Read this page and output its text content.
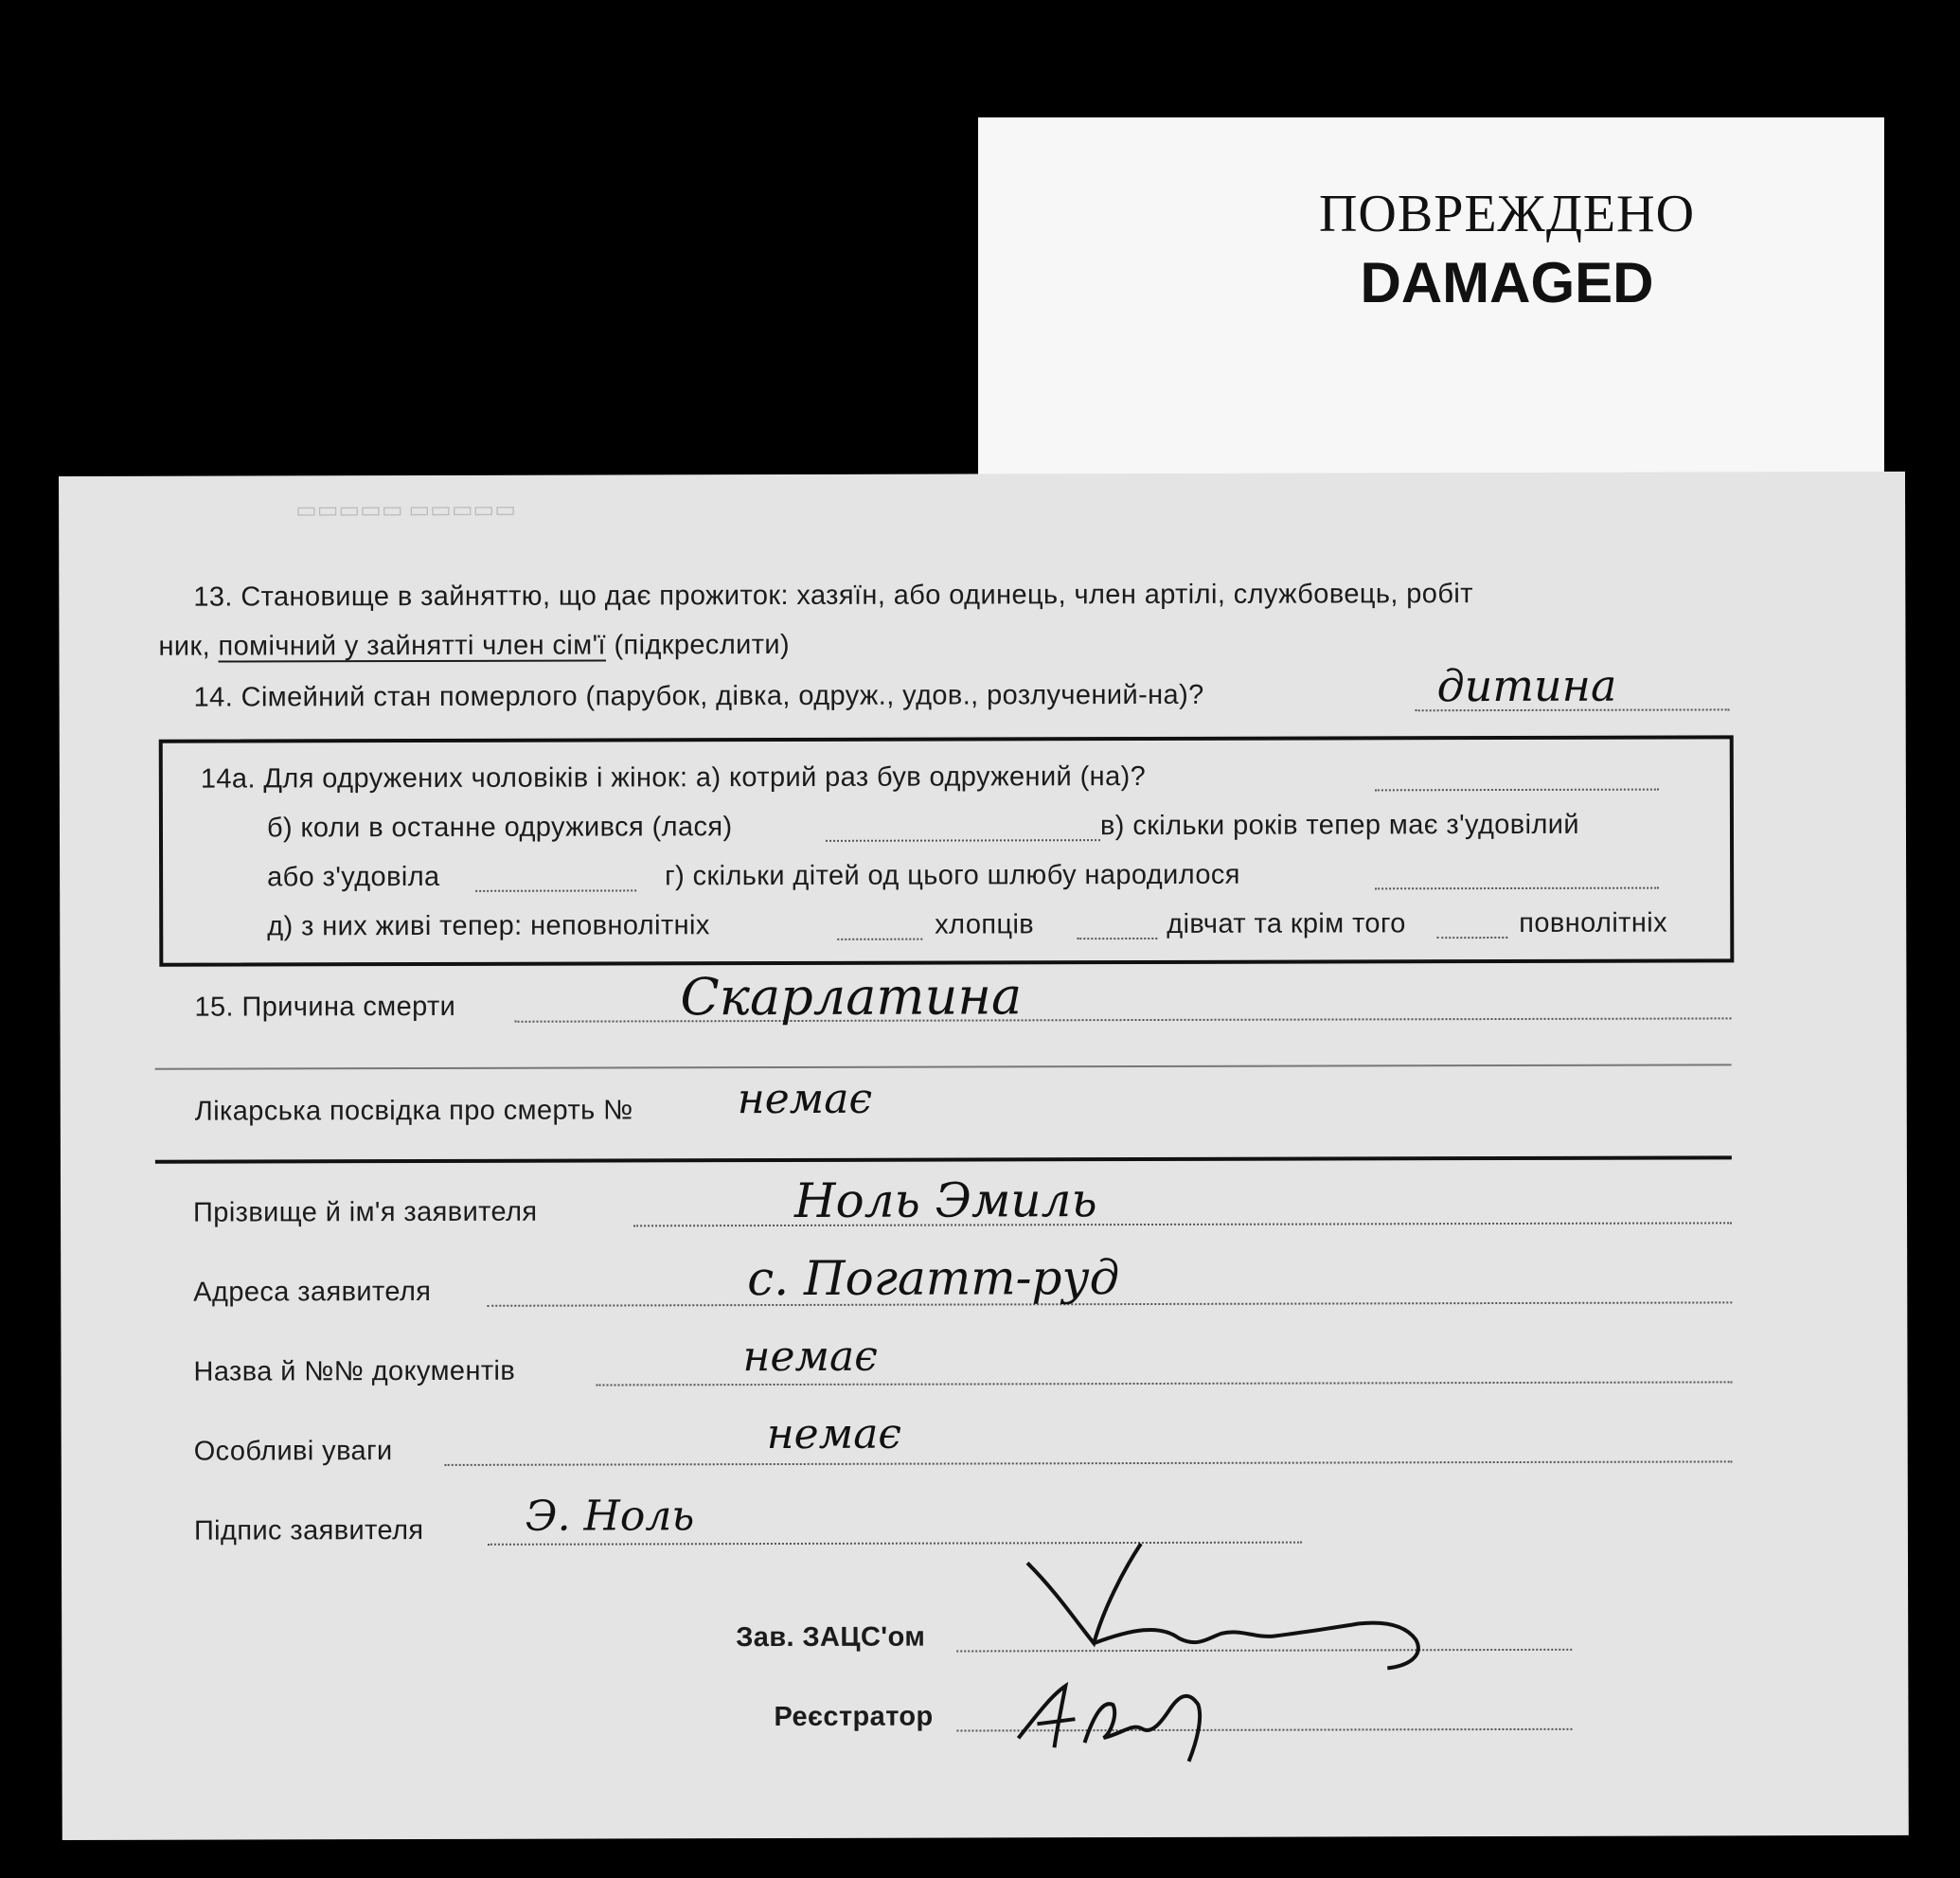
ПОВРЕЖДЕНО
DAMAGED
▭▭▭▭▭ ▭▭▭▭▭
13. Становище в зайняттю, що дає прожиток: хазяїн, або одинець, член артілі, службовець, робіт
ник, помічний у зайнятті член сім'ї (підкреслити)
14. Сімейний стан померлого (парубок, дівка, одруж., удов., розлучений-на)?	дитина
14а. Для одружених чоловіків і жінок: а) котрий раз був одружений (на)?
б) коли в останне одружився (лася)	в) скільки років тепер має з'удовілий
або з'удовіла	г) скільки дітей од цього шлюбу народилося
д) з них живі тепер: неповнолітніх	хлопців	дівчат та крім того	повнолітніх
15. Причина смерти	Скарлатина
Лікарська посвідка про смерть №	немає
Прізвище й ім'я заявителя	Ноль Эмиль
Адреса заявителя	с. Погатт-руд
Назва й №№ документів	немає
Особливі уваги	немає
Підпис заявителя Э. Ноль
Зав. ЗАЦС'ом
Реєстратор
